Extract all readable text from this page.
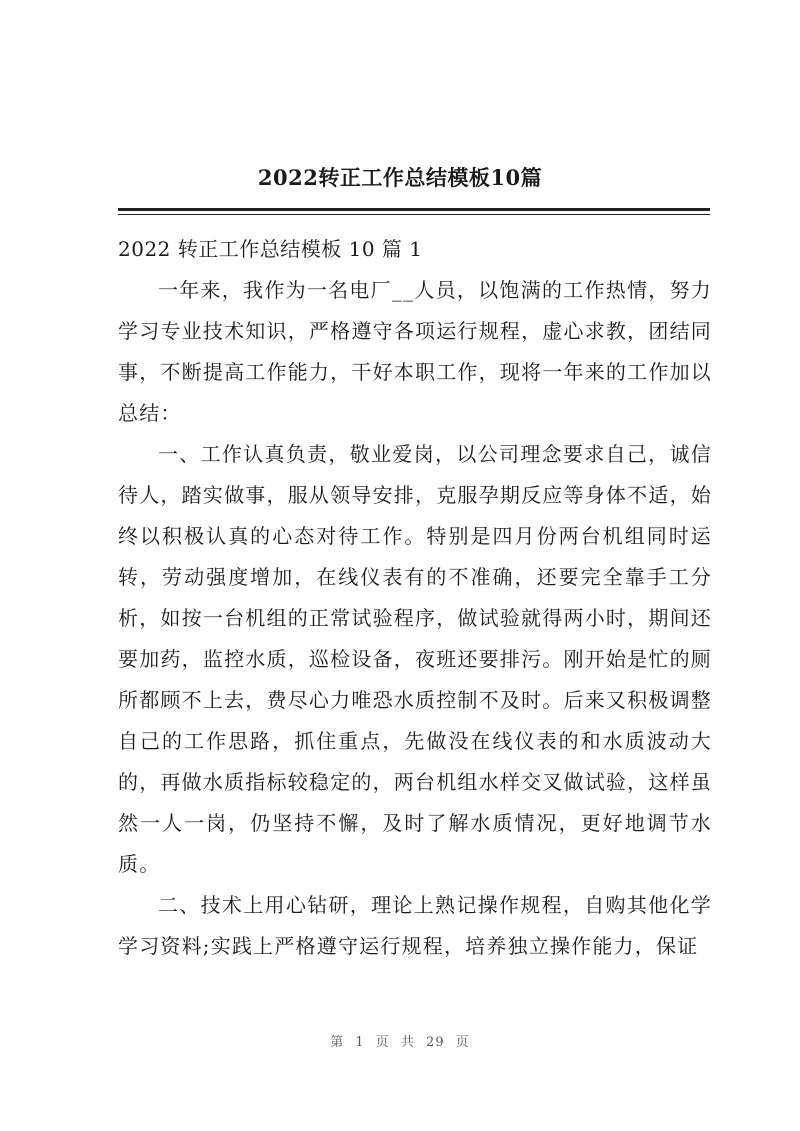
2022转正工作总结模板10篇

2022 转正工作总结模板 10 篇 1

一年来，我作为一名电厂__人员，以饱满的工作热情，努力学习专业技术知识，严格遵守各项运行规程，虚心求教，团结同事，不断提高工作能力，干好本职工作，现将一年来的工作加以总结：

一、工作认真负责，敬业爱岗，以公司理念要求自己，诚信待人，踏实做事，服从领导安排，克服孕期反应等身体不适，始终以积极认真的心态对待工作。特别是四月份两台机组同时运转，劳动强度增加，在线仪表有的不准确，还要完全靠手工分析，如按一台机组的正常试验程序，做试验就得两小时，期间还要加药，监控水质，巡检设备，夜班还要排污。刚开始是忙的厕所都顾不上去，费尽心力唯恐水质控制不及时。后来又积极调整自己的工作思路，抓住重点，先做没在线仪表的和水质波动大的，再做水质指标较稳定的，两台机组水样交叉做试验，这样虽然一人一岗，仍坚持不懈，及时了解水质情况，更好地调节水质。

二、技术上用心钻研，理论上熟记操作规程，自购其他化学学习资料;实践上严格遵守运行规程，培养独立操作能力，保证

第 1 页 共 29 页
